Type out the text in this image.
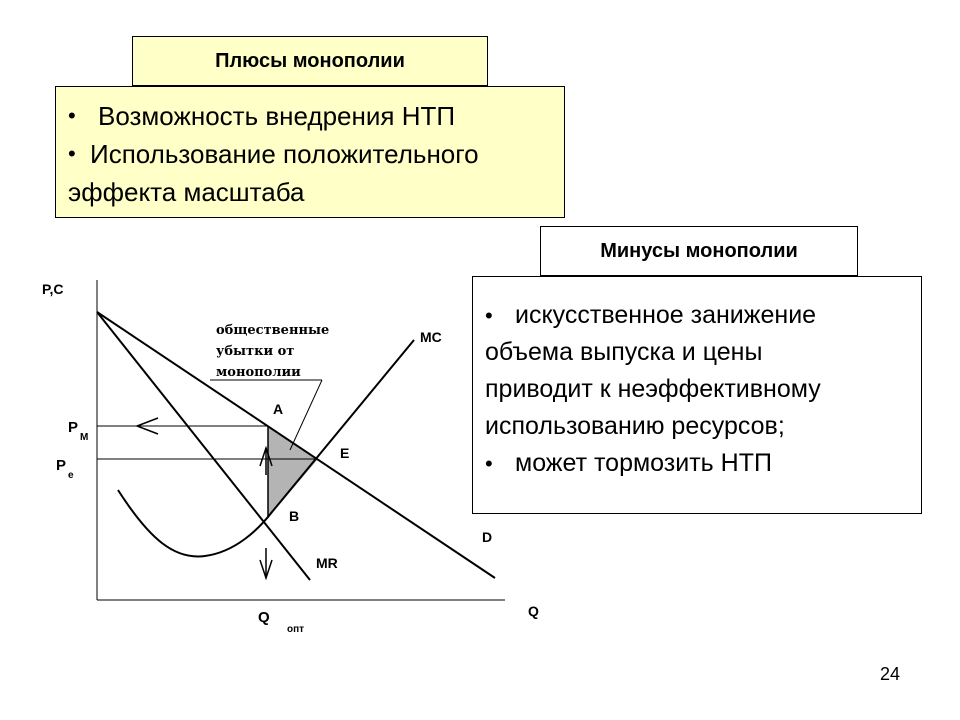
Плюсы монополии
• Возможность внедрения НТП
• Использование положительного
эффекта масштаба
Минусы монополии
• искусственное занижение
объема выпуска и цены
приводит к неэффективному
использованию ресурсов;
• может тормозить НТП
P,C
Q
P
M
P
e
Q
опт
A
B
E
MC
MR
D
общественные
убытки от
монополии
24
